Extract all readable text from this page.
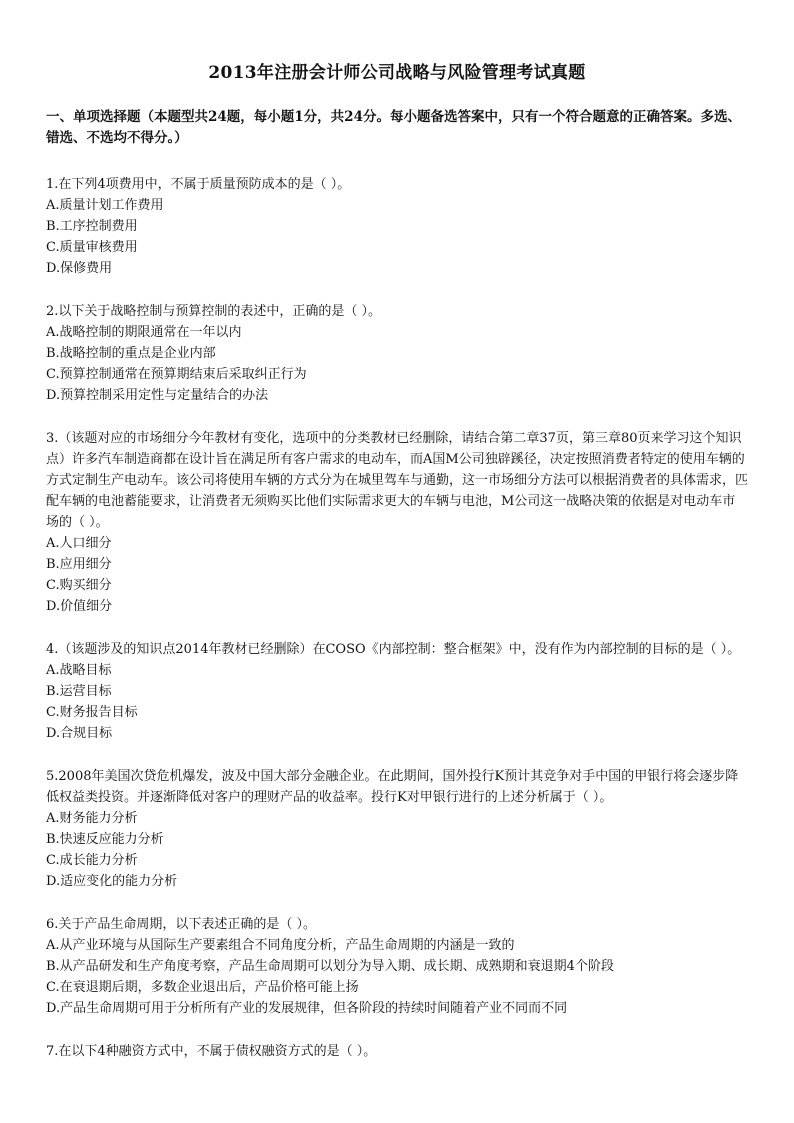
2013年注册会计师公司战略与风险管理考试真题
一、单项选择题（本题型共24题，每小题1分，共24分。每小题备选答案中，只有一个符合题意的正确答案。多选、错选、不选均不得分。）

1.在下列4项费用中，不属于质量预防成本的是（ ）。

A.质量计划工作费用

B.工序控制费用

C.质量审核费用

D.保修费用

2.以下关于战略控制与预算控制的表述中，正确的是（ ）。

A.战略控制的期限通常在一年以内

B.战略控制的重点是企业内部

C.预算控制通常在预算期结束后采取纠正行为

D.预算控制采用定性与定量结合的办法

3.（该题对应的市场细分今年教材有变化，选项中的分类教材已经删除，请结合第二章37页，第三章80页来学习这个知识点）许多汽车制造商都在设计旨在满足所有客户需求的电动车，而A国M公司独辟蹊径，决定按照消费者特定的使用车辆的方式定制生产电动车。该公司将使用车辆的方式分为在城里驾车与通勤，这一市场细分方法可以根据消费者的具体需求，匹配车辆的电池蓄能要求，让消费者无须购买比他们实际需求更大的车辆与电池，M公司这一战略决策的依据是对电动车市场的（ ）。

A.人口细分

B.应用细分

C.购买细分

D.价值细分

4.（该题涉及的知识点2014年教材已经删除）在COSO《内部控制：整合框架》中，没有作为内部控制的目标的是（ ）。

A.战略目标

B.运营目标

C.财务报告目标

D.合规目标

5.2008年美国次贷危机爆发，波及中国大部分金融企业。在此期间，国外投行K预计其竞争对手中国的甲银行将会逐步降低权益类投资。并逐渐降低对客户的理财产品的收益率。投行K对甲银行进行的上述分析属于（ ）。

A.财务能力分析

B.快速反应能力分析

C.成长能力分析

D.适应变化的能力分析

6.关于产品生命周期，以下表述正确的是（ ）。

A.从产业环境与从国际生产要素组合不同角度分析，产品生命周期的内涵是一致的

B.从产品研发和生产角度考察，产品生命周期可以划分为导入期、成长期、成熟期和衰退期4个阶段

C.在衰退期后期，多数企业退出后，产品价格可能上扬

D.产品生命周期可用于分析所有产业的发展规律，但各阶段的持续时间随着产业不同而不同

7.在以下4种融资方式中，不属于债权融资方式的是（ ）。
